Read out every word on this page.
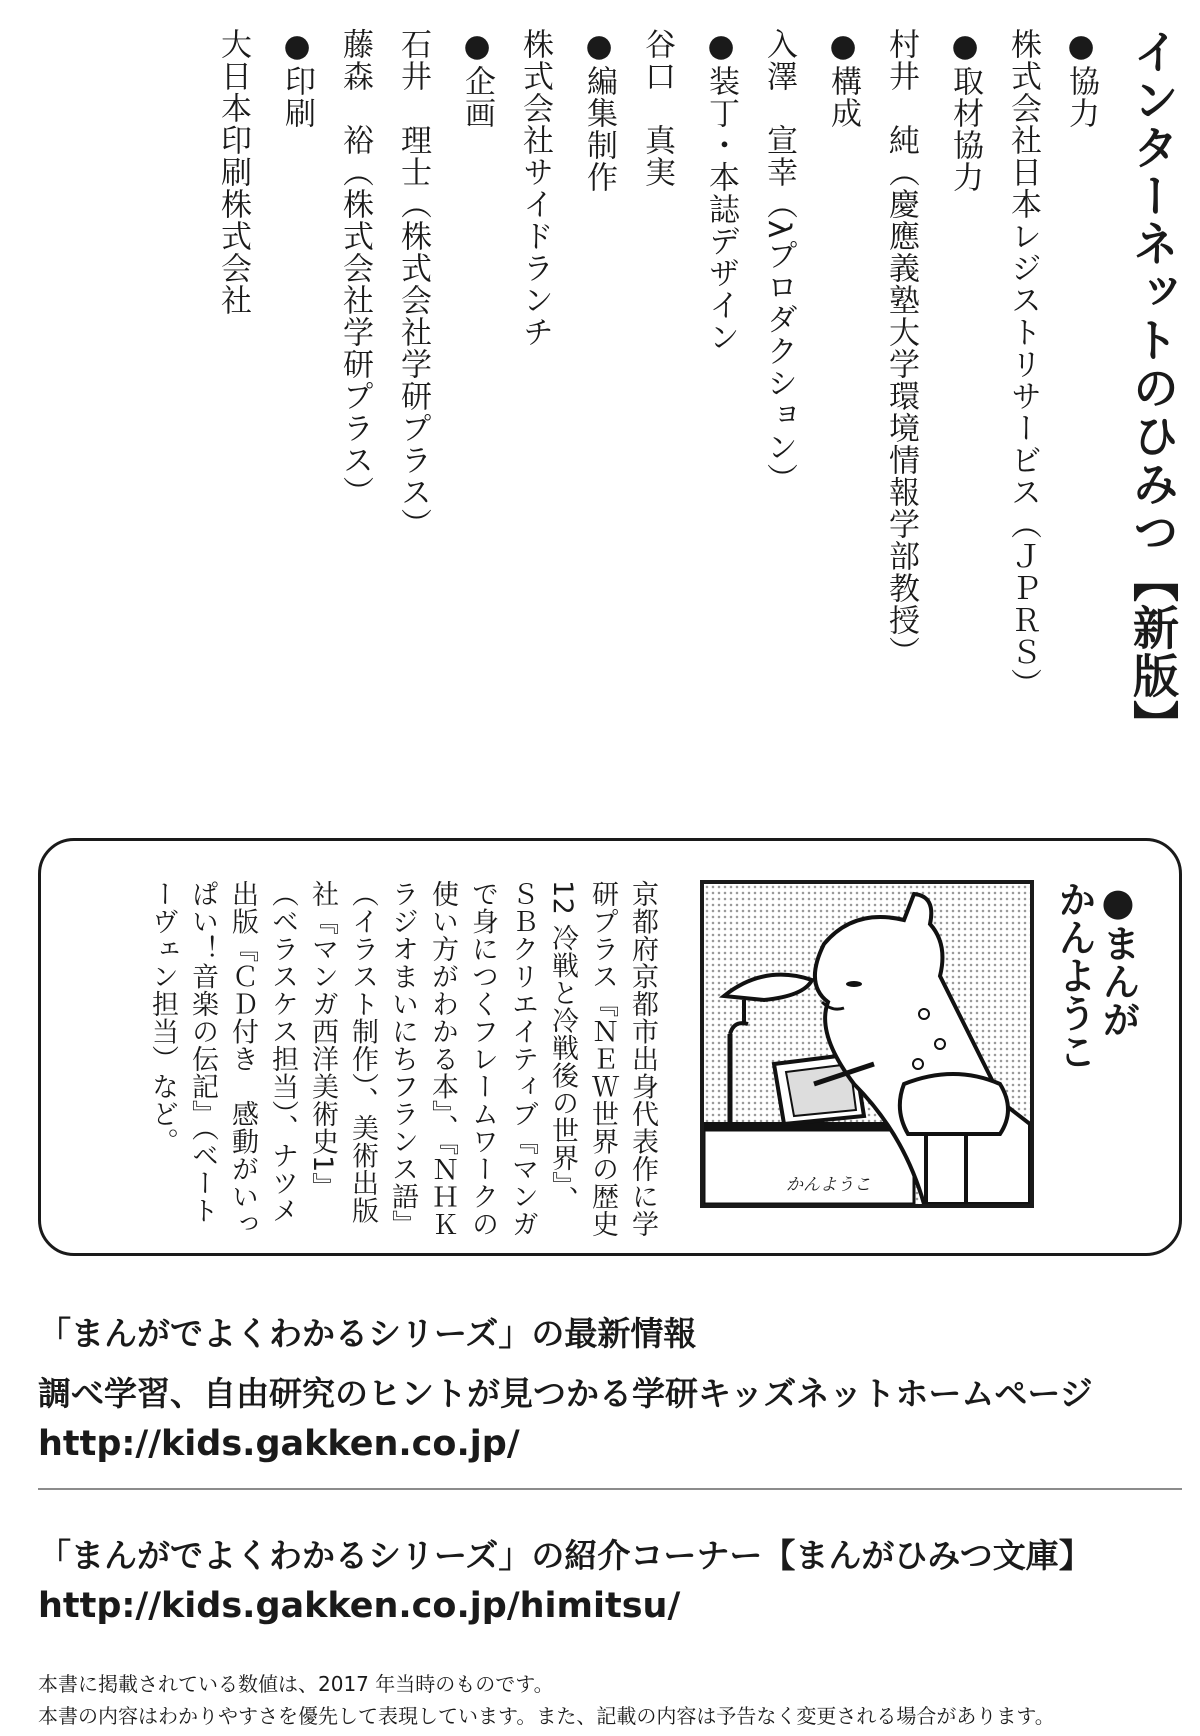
インターネットのひみつ【新版】
●協力
株式会社日本レジストリサービス（ＪＰＲＳ）
●取材協力
村井　純（慶應義塾大学環境情報学部教授）
●構成
入澤　宣幸（λプロダクション）
●装丁・本誌デザイン
谷口　真実
●編集制作
株式会社サイドランチ
●企画
石井　理士（株式会社学研プラス）
藤森　裕（株式会社学研プラス）
●印刷
大日本印刷株式会社
●まんが
かんようこ
かんようこ
京都府京都市出身代表作に学研プラス『ＮＥＷ世界の歴史12 冷戦と冷戦後の世界』、ＳＢクリエイティブ『マンガで身につくフレームワークの使い方がわかる本』、『ＮＨＫラジオまいにちフランス語』（イラスト制作）、美術出版社『マンガ西洋美術史1』（ベラスケス担当）、ナツメ出版『ＣＤ付き　感動がいっぱい！音楽の伝記』（ベートーヴェン担当）など。
「まんがでよくわかるシリーズ」の最新情報
調べ学習、自由研究のヒントが見つかる学研キッズネットホームページ
http://kids.gakken.co.jp/
「まんがでよくわかるシリーズ」の紹介コーナー【まんがひみつ文庫】
http://kids.gakken.co.jp/himitsu/
本書に掲載されている数値は、2017 年当時のものです。
本書の内容はわかりやすさを優先して表現しています。また、記載の内容は予告なく変更される場合があります。
